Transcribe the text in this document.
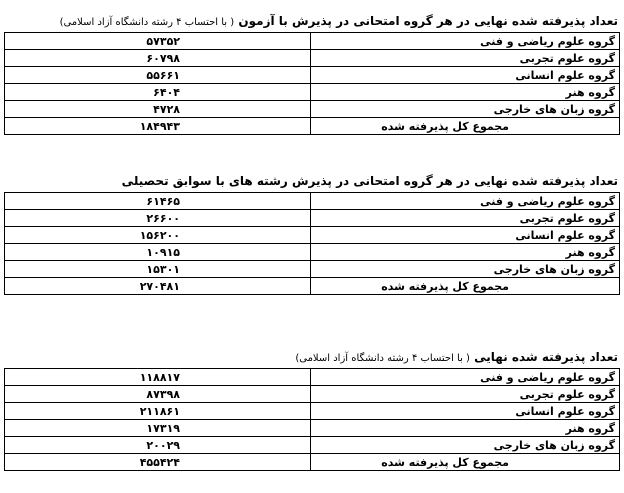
تعداد پذیرفته شده نهایی در هر گروه امتحانی در پذیرش با آزمون ( با احتساب ۴ رشته دانشگاه آزاد اسلامی)
۵۷۳۵۲	گروه علوم ریاضی و فنی
۶۰۷۹۸	گروه علوم تجربی
۵۵۶۶۱	گروه علوم انسانی
۶۴۰۴	گروه هنر
۴۷۲۸	گروه زبان های خارجی
۱۸۴۹۴۳	مجموع کل پذیرفته شده
تعداد پذیرفته شده نهایی در هر گروه امتحانی در پذیرش رشته های با سوابق تحصیلی
۶۱۴۶۵	گروه علوم ریاضی و فنی
۲۶۶۰۰	گروه علوم تجربی
۱۵۶۲۰۰	گروه علوم انسانی
۱۰۹۱۵	گروه هنر
۱۵۳۰۱	گروه زبان های خارجی
۲۷۰۴۸۱	مجموع کل پذیرفته شده
تعداد پذیرفته شده نهایی ( با احتساب ۴ رشته دانشگاه آزاد اسلامی)
۱۱۸۸۱۷	گروه علوم ریاضی و فنی
۸۷۳۹۸	گروه علوم تجربی
۲۱۱۸۶۱	گروه علوم انسانی
۱۷۳۱۹	گروه هنر
۲۰۰۲۹	گروه زبان های خارجی
۴۵۵۴۲۴	مجموع کل پذیرفته شده
